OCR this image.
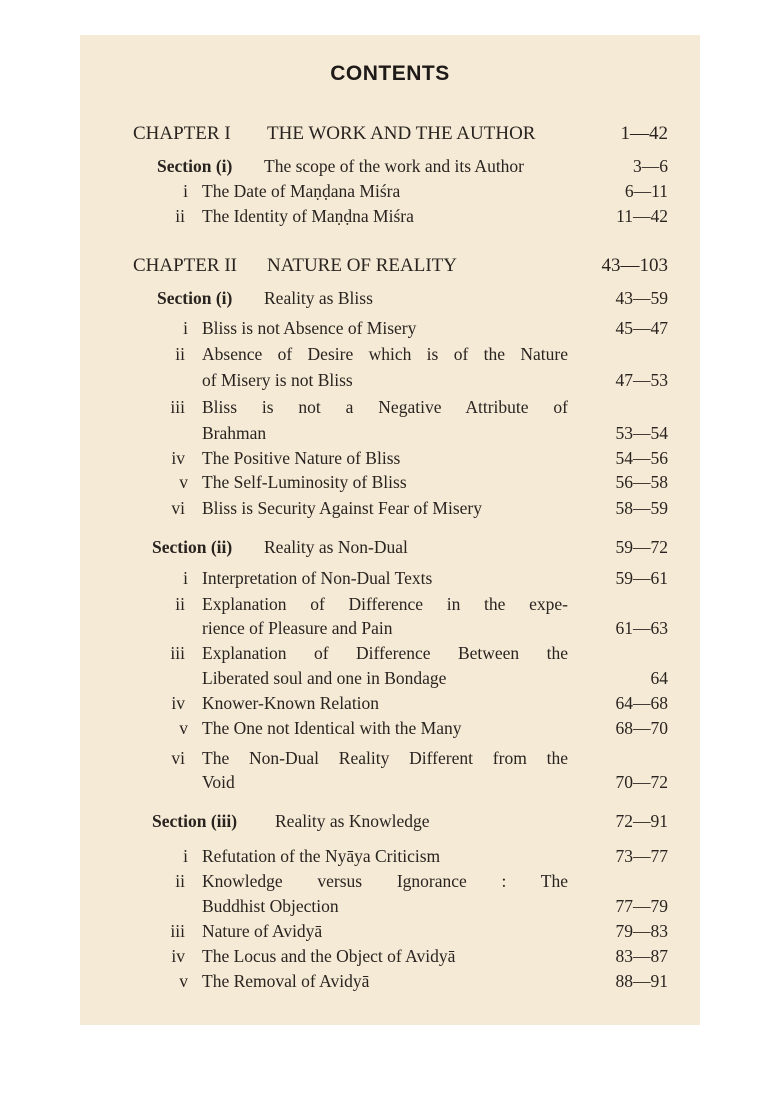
CONTENTS
CHAPTER I THE WORK AND THE AUTHOR	1—42
Section (i) The scope of the work and its Author	3—6
i The Date of Maṇḍana Miśra	6—11
ii The Identity of Maṇḍna Miśra	11—42
CHAPTER II NATURE OF REALITY	43—103
Section (i) Reality as Bliss	43—59
i Bliss is not Absence of Misery	45—47
ii Absence of Desire which is of the Nature
of Misery is not Bliss	47—53
iii Bliss is not a Negative Attribute of
Brahman	53—54
iv The Positive Nature of Bliss	54—56
v The Self-Luminosity of Bliss	56—58
vi Bliss is Security Against Fear of Misery	58—59
Section (ii) Reality as Non-Dual	59—72
i Interpretation of Non-Dual Texts	59—61
ii Explanation of Difference in the expe-
rience of Pleasure and Pain	61—63
iii Explanation of Difference Between the
Liberated soul and one in Bondage	64
iv Knower-Known Relation	64—68
v The One not Identical with the Many	68—70
vi The Non-Dual Reality Different from the
Void	70—72
Section (iii) Reality as Knowledge	72—91
i Refutation of the Nyāya Criticism	73—77
ii Knowledge versus Ignorance : The
Buddhist Objection	77—79
iii Nature of Avidyā	79—83
iv The Locus and the Object of Avidyā	83—87
v The Removal of Avidyā	88—91
